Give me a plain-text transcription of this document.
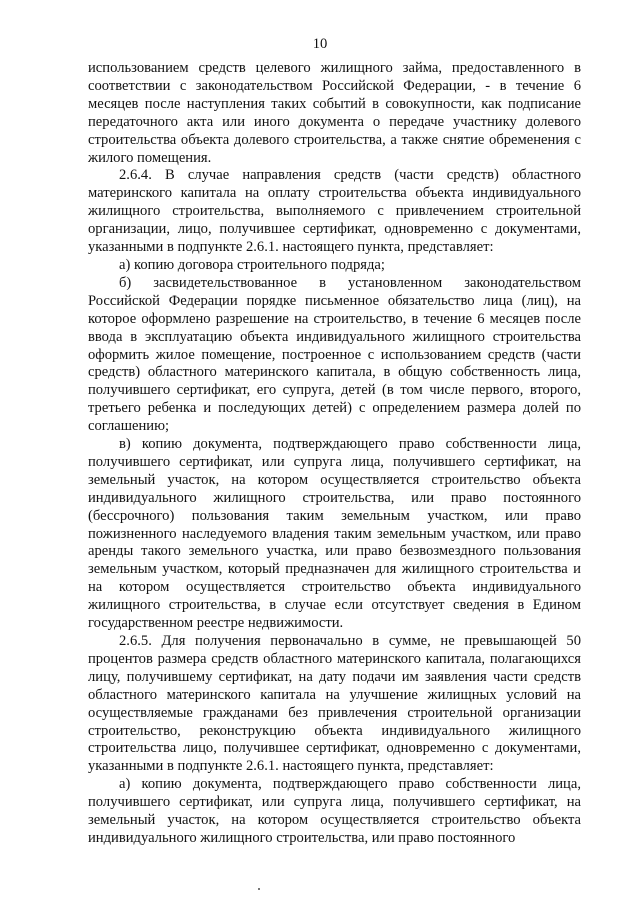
10

использованием средств целевого жилищного займа, предоставленного в соответствии с законодательством Российской Федерации, - в течение 6 месяцев после наступления таких событий в совокупности, как подписание передаточного акта или иного документа о передаче участнику долевого строительства объекта долевого строительства, а также снятие обременения с жилого помещения.

2.6.4. В случае направления средств (части средств) областного материнского капитала на оплату строительства объекта индивидуального жилищного строительства, выполняемого с привлечением строительной организации, лицо, получившее сертификат, одновременно с документами, указанными в подпункте 2.6.1. настоящего пункта, представляет:

а) копию договора строительного подряда;

б) засвидетельствованное в установленном законодательством Российской Федерации порядке письменное обязательство лица (лиц), на которое оформлено разрешение на строительство, в течение 6 месяцев после ввода в эксплуатацию объекта индивидуального жилищного строительства оформить жилое помещение, построенное с использованием средств (части средств) областного материнского капитала, в общую собственность лица, получившего сертификат, его супруга, детей (в том числе первого, второго, третьего ребенка и последующих детей) с определением размера долей по соглашению;

в) копию документа, подтверждающего право собственности лица, получившего сертификат, или супруга лица, получившего сертификат, на земельный участок, на котором осуществляется строительство объекта индивидуального жилищного строительства, или право постоянного (бессрочного) пользования таким земельным участком, или право пожизненного наследуемого владения таким земельным участком, или право аренды такого земельного участка, или право безвозмездного пользования земельным участком, который предназначен для жилищного строительства и на котором осуществляется строительство объекта индивидуального жилищного строительства, в случае если отсутствует сведения в Едином государственном реестре недвижимости.

2.6.5. Для получения первоначально в сумме, не превышающей 50 процентов размера средств областного материнского капитала, полагающихся лицу, получившему сертификат, на дату подачи им заявления части средств областного материнского капитала на улучшение жилищных условий на осуществляемые гражданами без привлечения строительной организации строительство, реконструкцию объекта индивидуального жилищного строительства лицо, получившее сертификат, одновременно с документами, указанными в подпункте 2.6.1. настоящего пункта, представляет:

а) копию документа, подтверждающего право собственности лица, получившего сертификат, или супруга лица, получившего сертификат, на земельный участок, на котором осуществляется строительство объекта индивидуального жилищного строительства, или право постоянного
